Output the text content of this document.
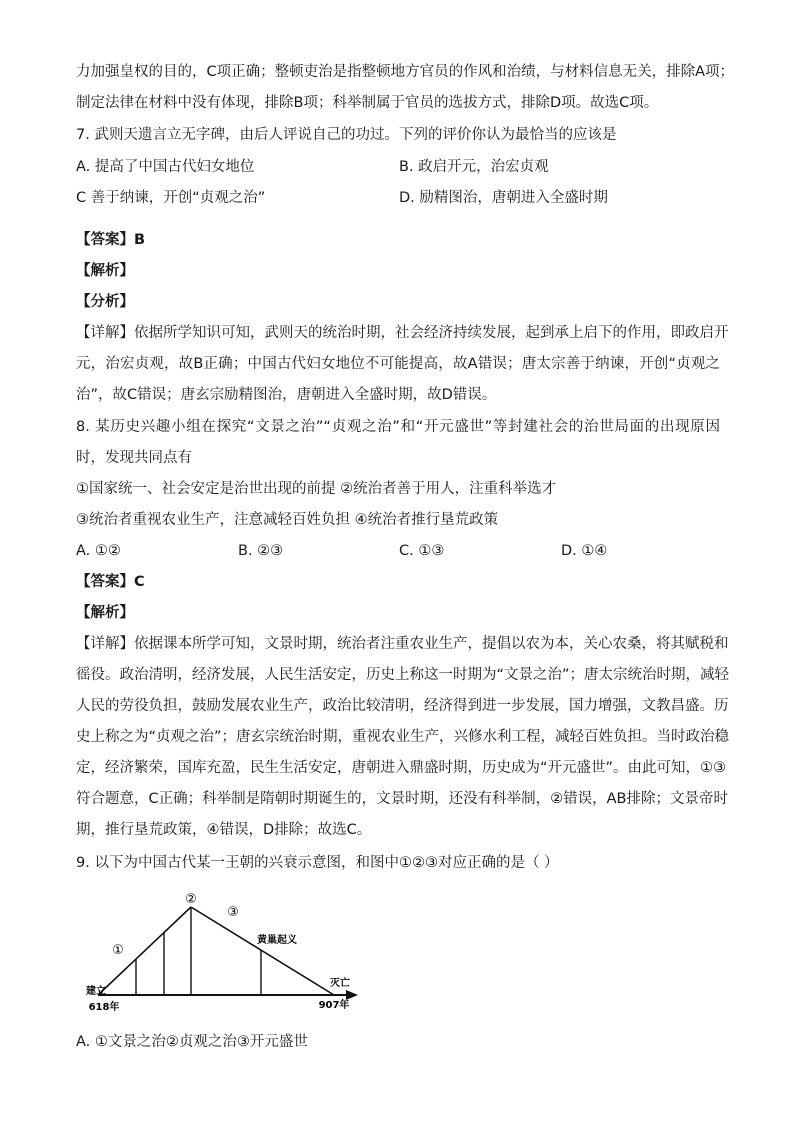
力加强皇权的目的，C项正确；整顿吏治是指整顿地方官员的作风和治绩，与材料信息无关，排除A项；
制定法律在材料中没有体现，排除B项；科举制属于官员的选拔方式，排除D项。故选C项。
7. 武则天遗言立无字碑，由后人评说自己的功过。下列的评价你认为最恰当的应该是
A. 提高了中国古代妇女地位	B. 政启开元，治宏贞观
C 善于纳谏，开创“贞观之治”	D. 励精图治，唐朝进入全盛时期
【答案】B
【解析】
【分析】
【详解】依据所学知识可知，武则天的统治时期，社会经济持续发展，起到承上启下的作用，即政启开
元，治宏贞观，故B正确；中国古代妇女地位不可能提高，故A错误；唐太宗善于纳谏，开创“贞观之
治”，故C错误；唐玄宗励精图治，唐朝进入全盛时期，故D错误。
8. 某历史兴趣小组在探究“文景之治”“贞观之治”和“开元盛世”等封建社会的治世局面的出现原因
时，发现共同点有
①国家统一、社会安定是治世出现的前提 ②统治者善于用人，注重科举选才
③统治者重视农业生产，注意减轻百姓负担 ④统治者推行垦荒政策
A. ①②	B. ②③	C. ①③	D. ①④
【答案】C
【解析】
【详解】依据课本所学可知，文景时期，统治者注重农业生产，提倡以农为本，关心农桑，将其赋税和
徭役。政治清明，经济发展，人民生活安定，历史上称这一时期为“文景之治”；唐太宗统治时期，减轻
人民的劳役负担，鼓励发展农业生产，政治比较清明，经济得到进一步发展，国力增强，文教昌盛。历
史上称之为“贞观之治”；唐玄宗统治时期，重视农业生产，兴修水利工程，减轻百姓负担。当时政治稳
定，经济繁荣，国库充盈，民生生活安定，唐朝进入鼎盛时期，历史成为“开元盛世”。由此可知，①③
符合题意，C正确；科举制是隋朝时期诞生的，文景时期，还没有科举制，②错误，AB排除；文景帝时
期，推行垦荒政策，④错误，D排除；故选C。
9. 以下为中国古代某一王朝的兴衰示意图，和图中①②③对应正确的是（ ）
①
②
③
黄巢起义
建立
618年
灭亡
907年
A. ①文景之治②贞观之治③开元盛世
